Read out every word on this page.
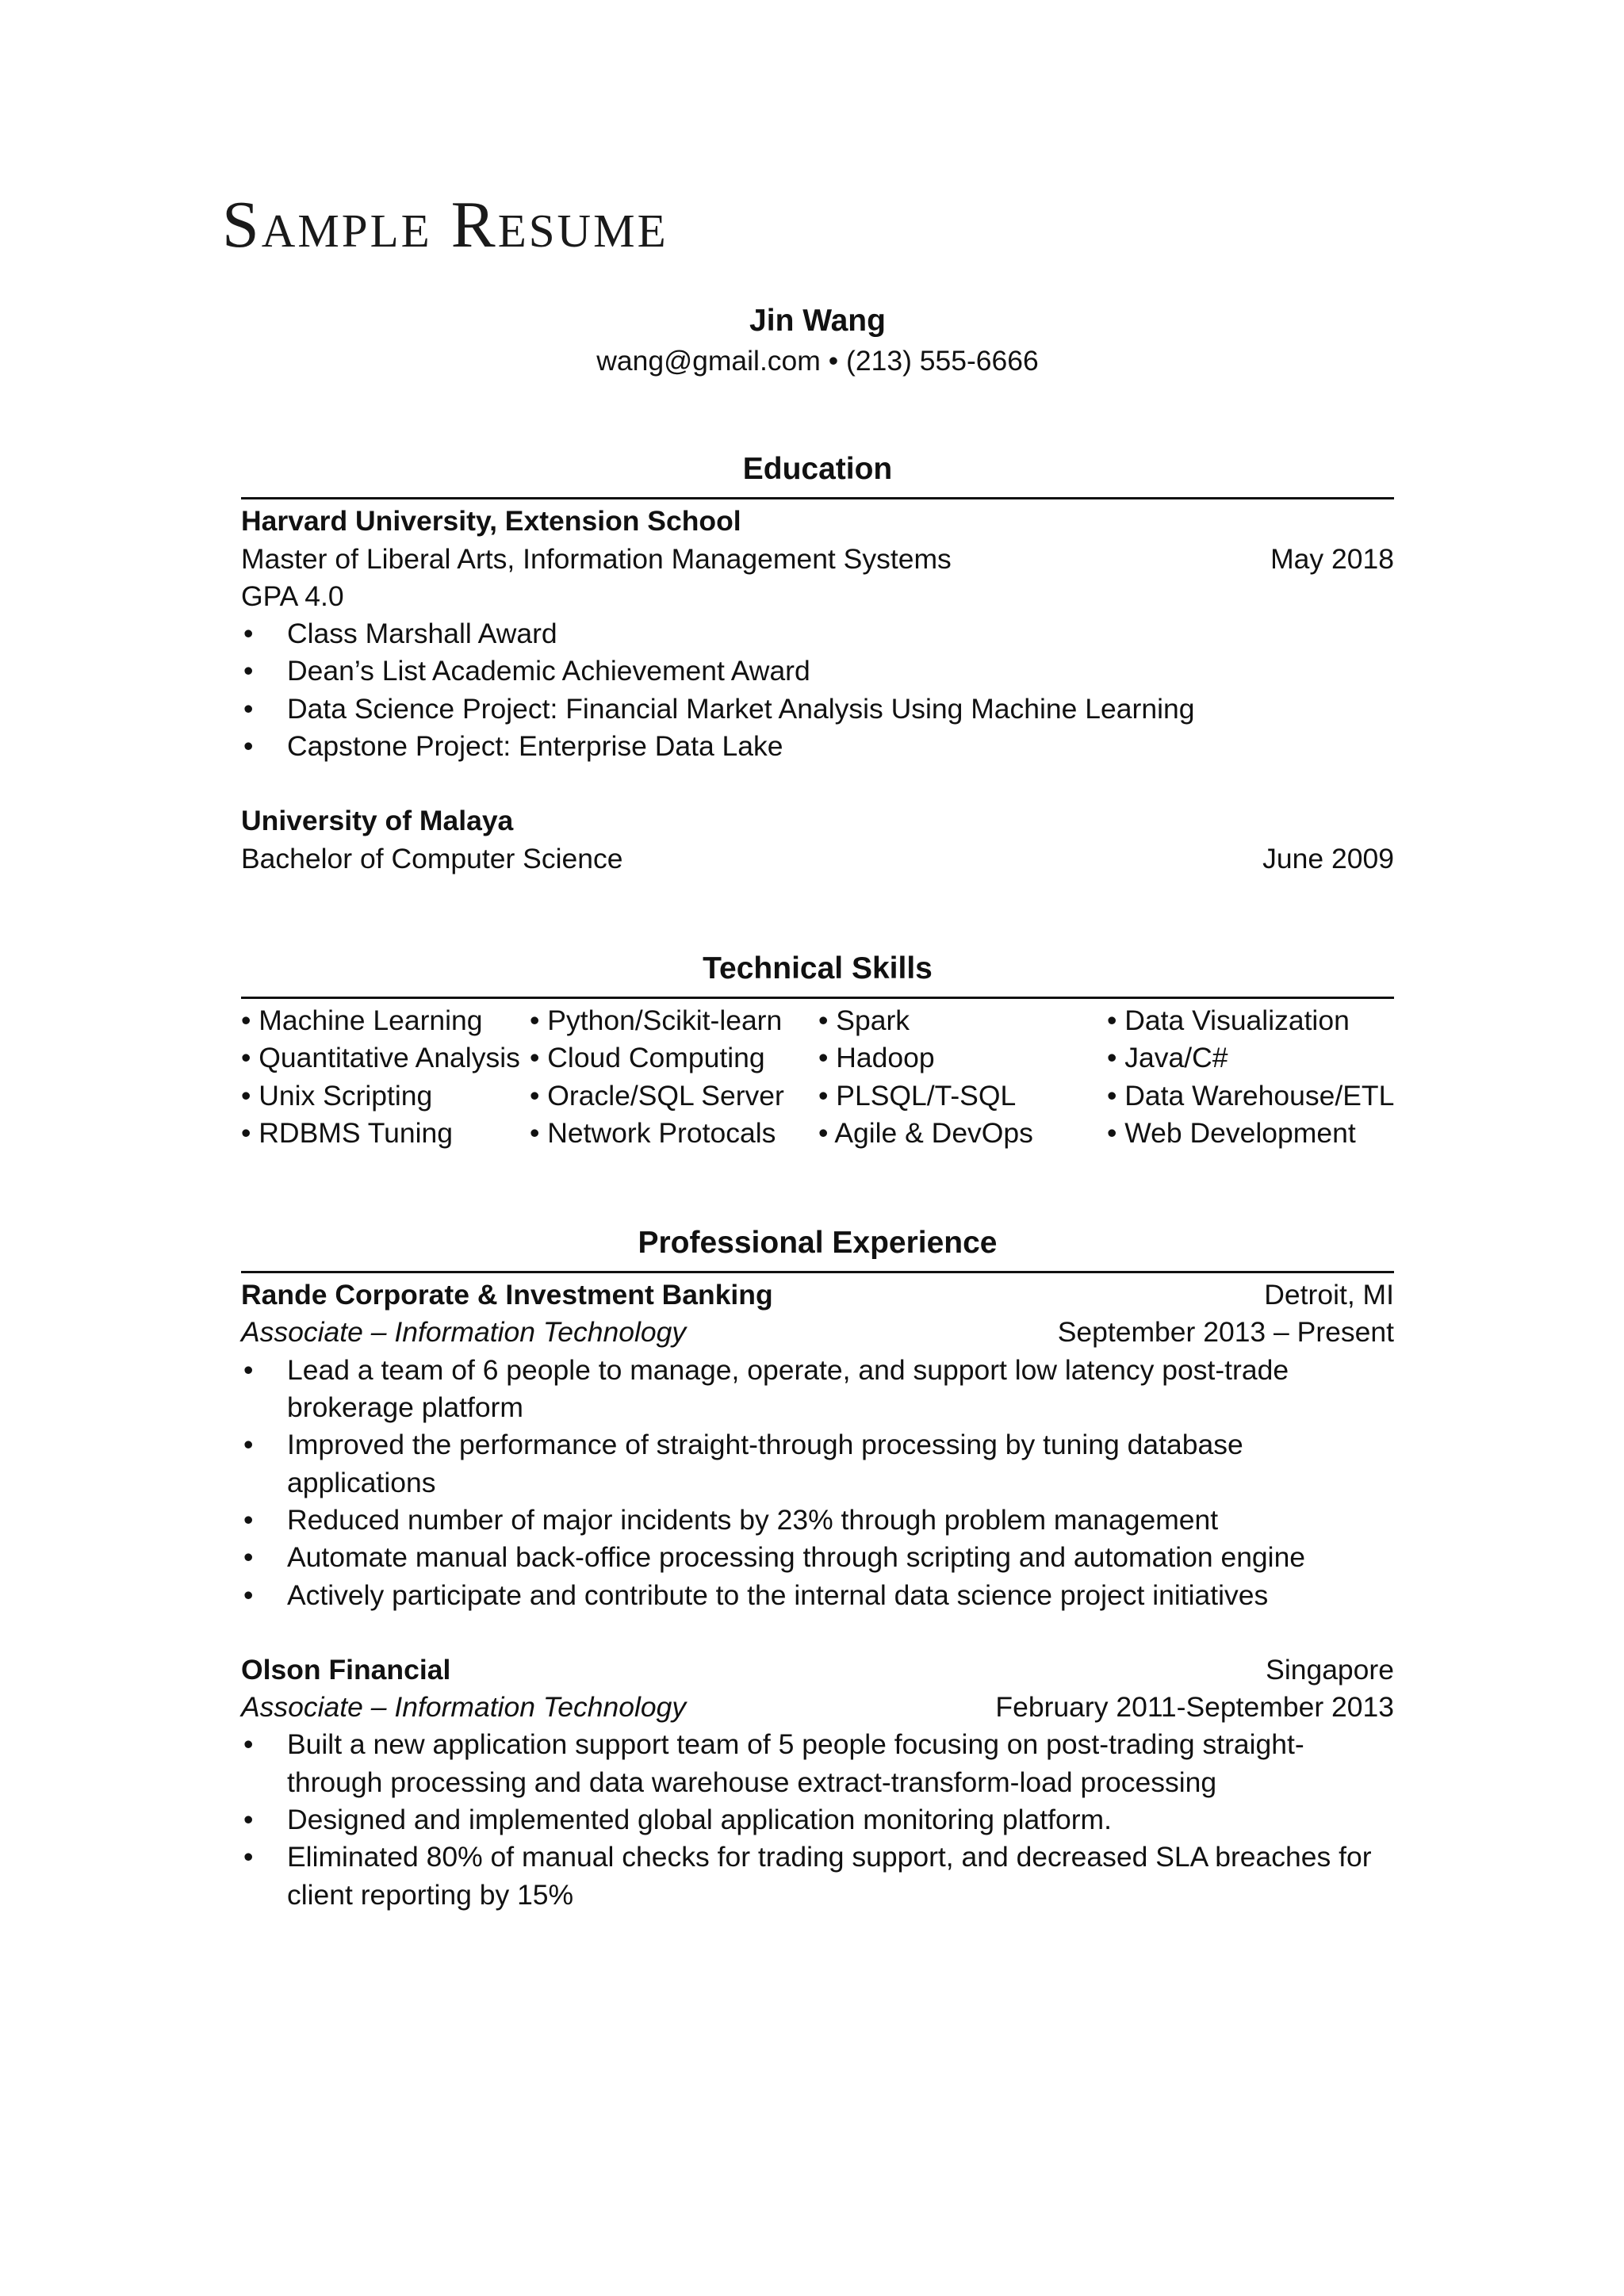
Sample Resume
Jin Wang
wang@gmail.com • (213) 555-6666
Education
Harvard University, Extension School
Master of Liberal Arts, Information Management Systems	May 2018
GPA 4.0
• Class Marshall Award
• Dean’s List Academic Achievement Award
• Data Science Project: Financial Market Analysis Using Machine Learning
• Capstone Project: Enterprise Data Lake
University of Malaya
Bachelor of Computer Science	June 2009
Technical Skills
• Machine Learning	• Python/Scikit-learn	• Spark	• Data Visualization
• Quantitative Analysis • Cloud Computing	• Hadoop	• Java/C#
• Unix Scripting	• Oracle/SQL Server	• PLSQL/T-SQL	• Data Warehouse/ETL
• RDBMS Tuning	• Network Protocals	• Agile & DevOps	• Web Development
Professional Experience
Rande Corporate & Investment Banking	Detroit, MI
Associate – Information Technology	September 2013 – Present
• Lead a team of 6 people to manage, operate, and support low latency post-trade brokerage platform
• Improved the performance of straight-through processing by tuning database applications
• Reduced number of major incidents by 23% through problem management
• Automate manual back-office processing through scripting and automation engine
• Actively participate and contribute to the internal data science project initiatives
Olson Financial	Singapore
Associate – Information Technology	February 2011-September 2013
• Built a new application support team of 5 people focusing on post-trading straight-through processing and data warehouse extract-transform-load processing
• Designed and implemented global application monitoring platform.
• Eliminated 80% of manual checks for trading support, and decreased SLA breaches for client reporting by 15%
